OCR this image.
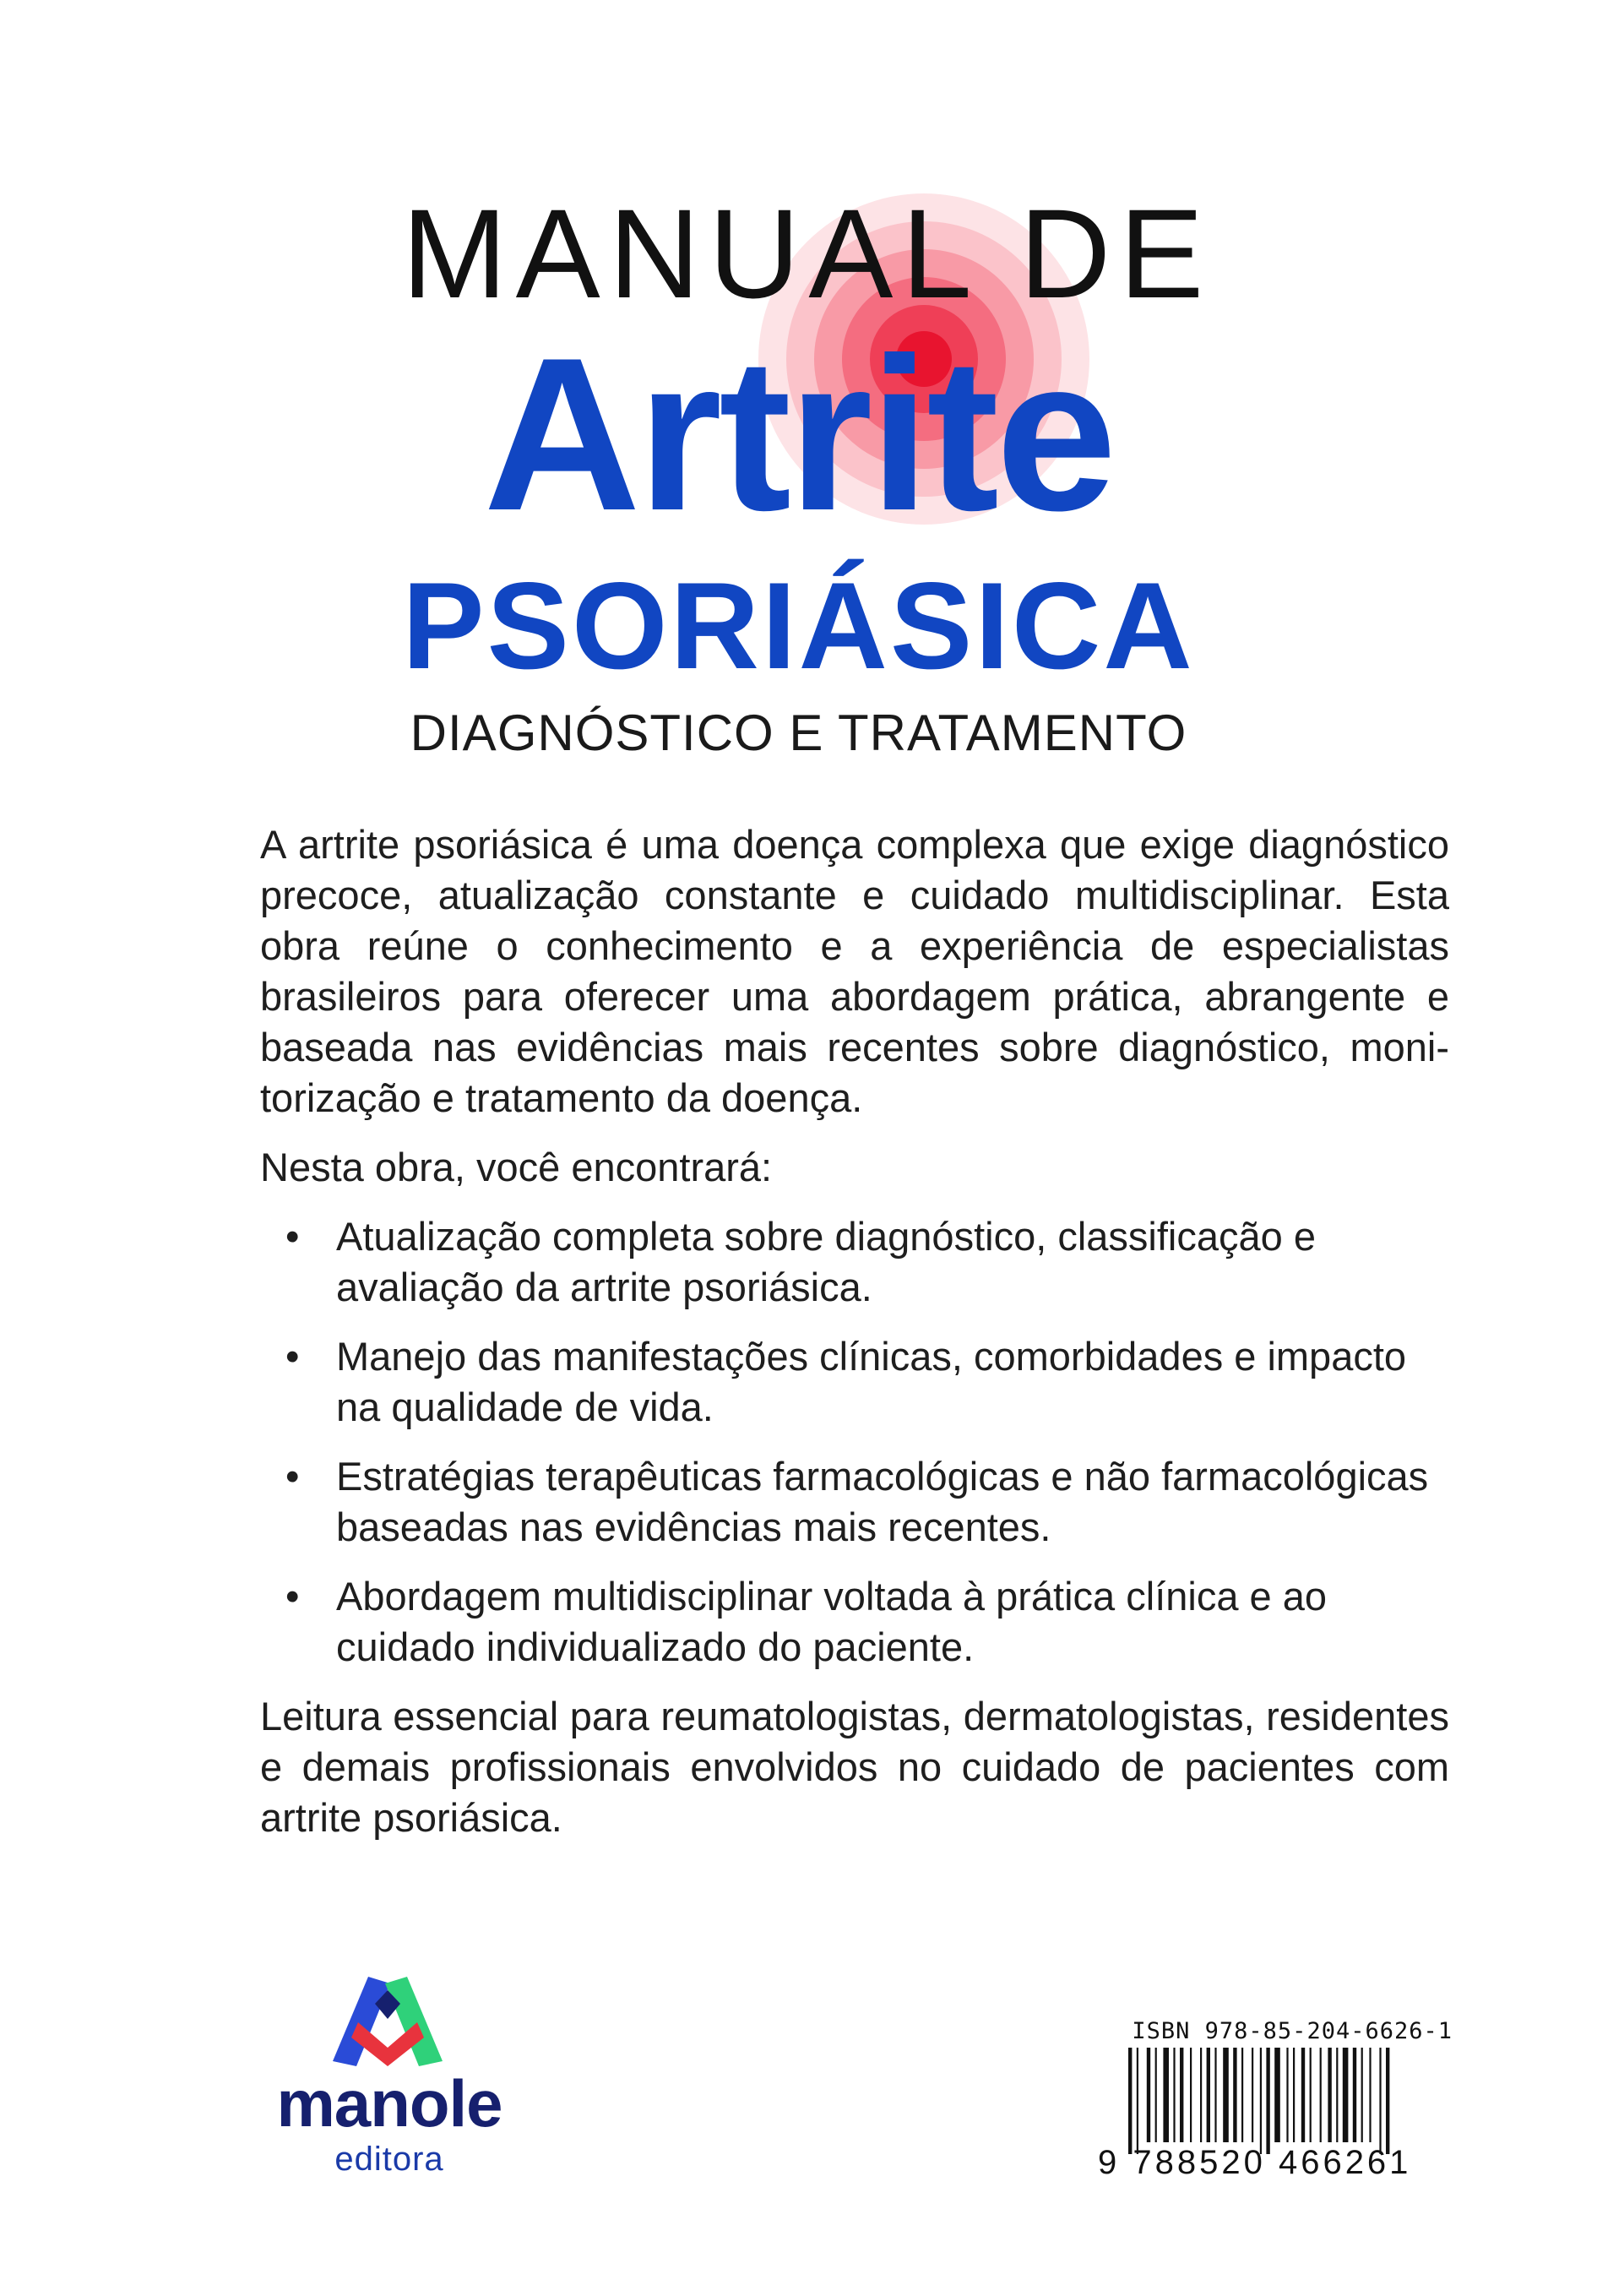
MANUAL DE
Artrite
PSORIÁSICA
DIAGNÓSTICO E TRATAMENTO

A artrite psoriásica é uma doença complexa que exige diagnóstico precoce, atualização constante e cuidado multidisciplinar. Esta obra reúne o conhecimento e a experiência de especialistas brasileiros para oferecer uma abordagem prática, abrangente e baseada nas evidências mais recentes sobre diagnóstico, monitorização e tratamento da doença.

Nesta obra, você encontrará:

• Atualização completa sobre diagnóstico, classificação e avaliação da artrite psoriásica.
• Manejo das manifestações clínicas, comorbidades e impacto na qualidade de vida.
• Estratégias terapêuticas farmacológicas e não farmacológicas baseadas nas evidências mais recentes.
• Abordagem multidisciplinar voltada à prática clínica e ao cuidado individualizado do paciente.

Leitura essencial para reumatologistas, dermatologistas, residentes e demais profissionais envolvidos no cuidado de pacientes com artrite psoriásica.

manole
editora
ISBN 978-85-204-6626-1
9 788520 466261
